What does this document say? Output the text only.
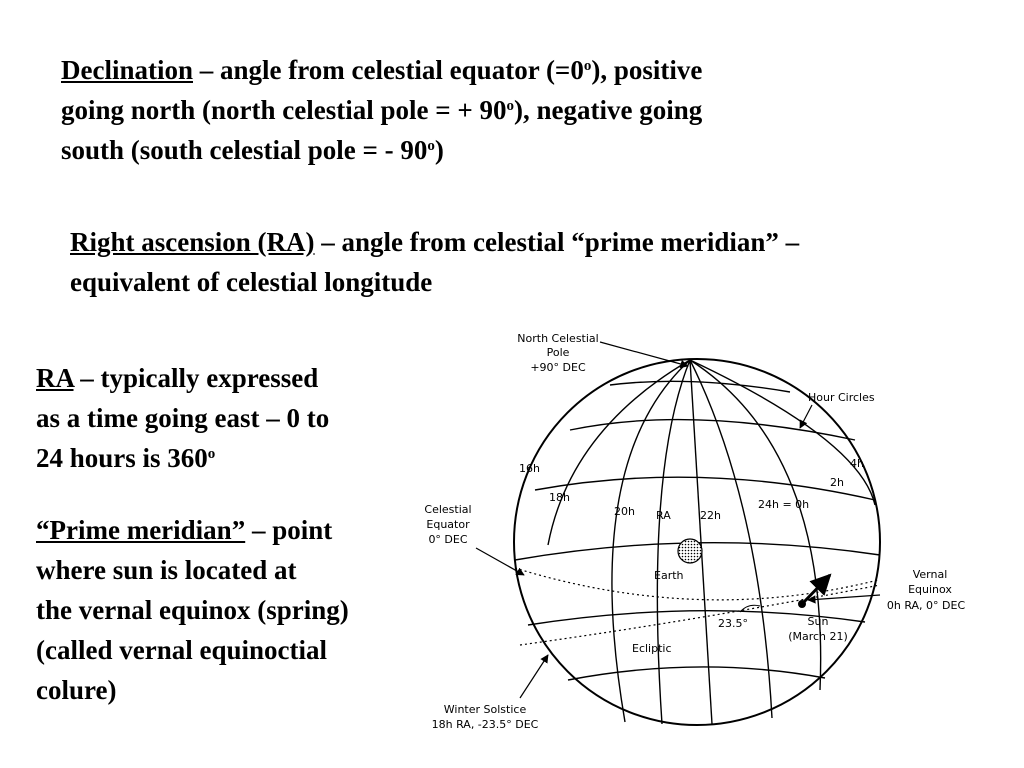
Declination – angle from celestial equator $(=0^o)$, positive
going north (north celestial pole = + $90^o$), negative going
south (south celestial pole = - 90$^o$)

Right ascension (RA) – angle from celestial “prime meridian” –
equivalent of celestial longitude

RA – typically expressed
as a time going east – 0 to
24 hours is 360$^o$

“Prime meridian” – point
where sun is located at
the vernal equinox (spring)
(called vernal equinoctial
colure)

North Celestial
Pole
+90° DEC
Hour Circles
16h
18h
20h RA	22h
24h = 0h
2h
4h
Celestial
Equator
0° DEC
Earth	Vernal
Equinox
0h RA, 0° DEC
23.5°	Sun
(March 21)
Ecliptic
Winter Solstice
18h RA, -23.5° DEC
